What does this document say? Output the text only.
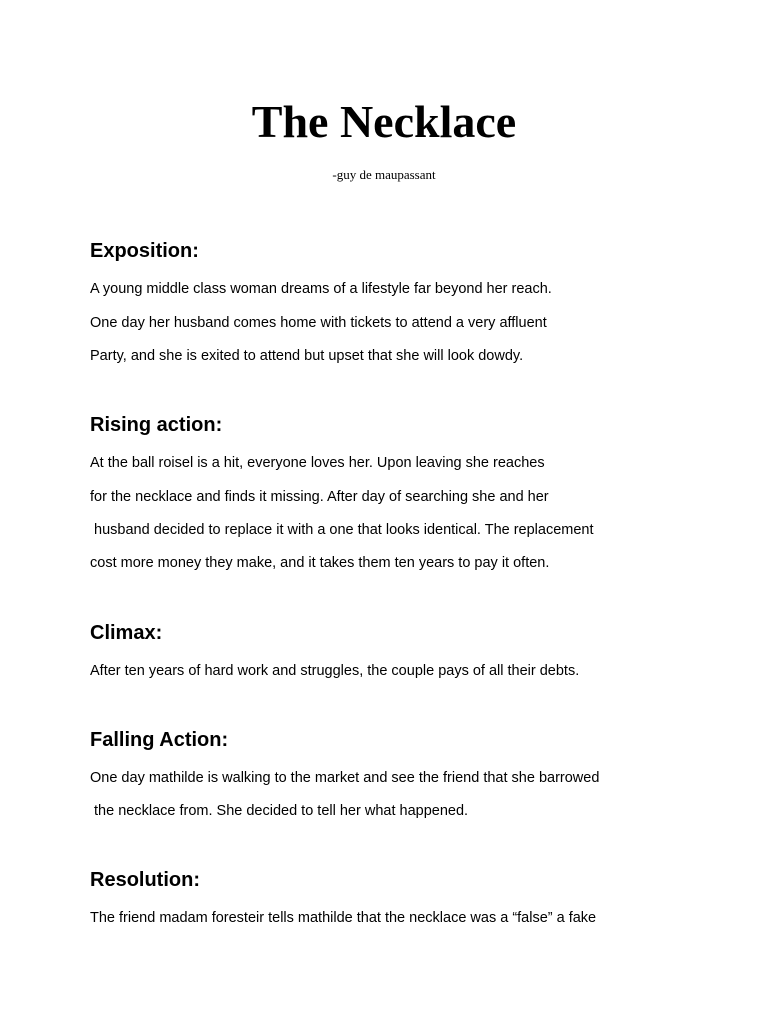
The Necklace
-guy de maupassant
Exposition:
A young middle class woman dreams of a lifestyle far beyond her reach.
One day her husband comes home with tickets to attend a very affluent
Party, and she is exited to attend but upset that she will look dowdy.
Rising action:
At the ball roisel is a hit, everyone loves her. Upon leaving she reaches
for the necklace and finds it missing. After day of searching she and her
husband decided to replace it with a one that looks identical. The replacement
cost more money they make, and it takes them ten years to pay it often.
Climax:
After ten years of hard work and struggles, the couple pays of all their debts.
Falling Action:
One day mathilde is walking to the market and see the friend that she barrowed
the necklace from. She decided to tell her what happened.
Resolution:
The friend madam foresteir tells mathilde that the necklace was a “false” a fake
